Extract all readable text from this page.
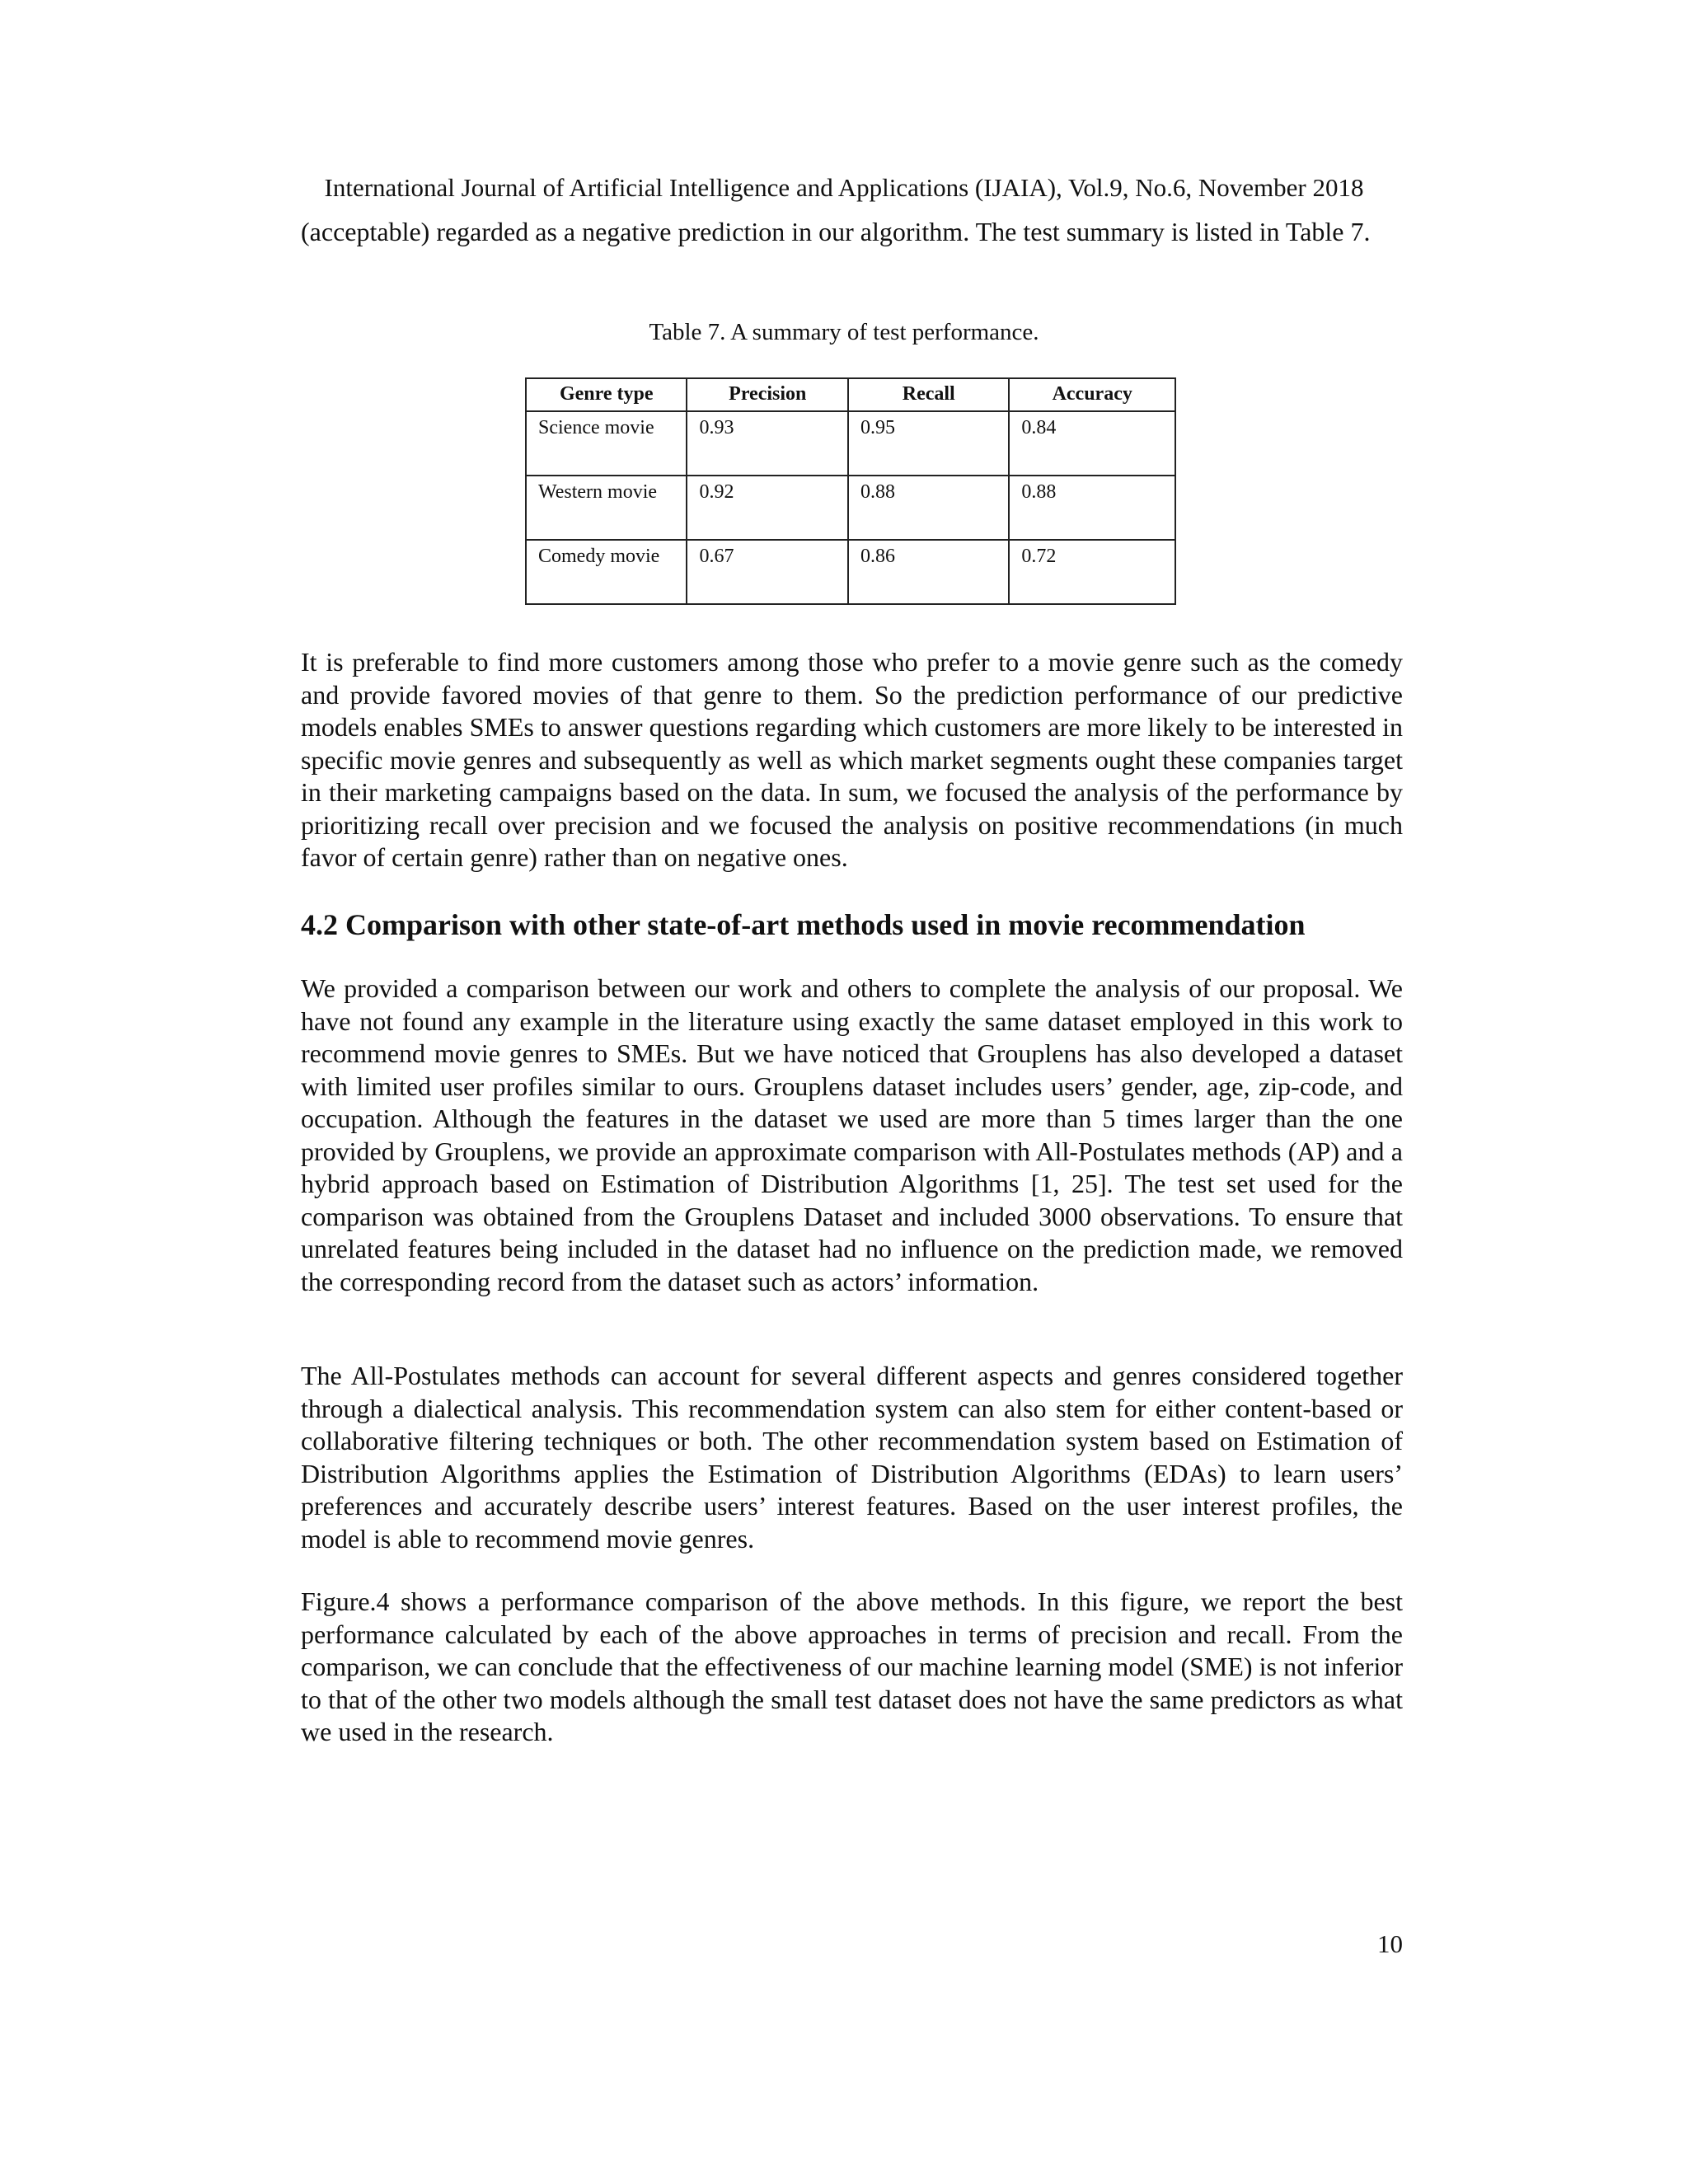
International Journal of Artificial Intelligence and Applications (IJAIA), Vol.9, No.6, November 2018

(acceptable) regarded as a negative prediction in our algorithm. The test summary is listed in Table 7.

Table 7. A summary of test performance.
Genre type	Precision	Recall	Accuracy
Science movie	0.93	0.95	0.84
Western movie	0.92	0.88	0.88
Comedy movie	0.67	0.86	0.72

It is preferable to find more customers among those who prefer to a movie genre such as the comedy and provide favored movies of that genre to them. So the prediction performance of our predictive models enables SMEs to answer questions regarding which customers are more likely to be interested in specific movie genres and subsequently as well as which market segments ought these companies target in their marketing campaigns based on the data. In sum, we focused the analysis of the performance by prioritizing recall over precision and we focused the analysis on positive recommendations (in much favor of certain genre) rather than on negative ones.

4.2 Comparison with other state-of-art methods used in movie recommendation

We provided a comparison between our work and others to complete the analysis of our proposal. We have not found any example in the literature using exactly the same dataset employed in this work to recommend movie genres to SMEs. But we have noticed that Grouplens has also developed a dataset with limited user profiles similar to ours. Grouplens dataset includes users’ gender, age, zip-code, and occupation. Although the features in the dataset we used are more than 5 times larger than the one provided by Grouplens, we provide an approximate comparison with All-Postulates methods (AP) and a hybrid approach based on Estimation of Distribution Algorithms [1, 25]. The test set used for the comparison was obtained from the Grouplens Dataset and included 3000 observations. To ensure that unrelated features being included in the dataset had no influence on the prediction made, we removed the corresponding record from the dataset such as actors’ information.

The All-Postulates methods can account for several different aspects and genres considered together through a dialectical analysis. This recommendation system can also stem for either content-based or collaborative filtering techniques or both. The other recommendation system based on Estimation of Distribution Algorithms applies the Estimation of Distribution Algorithms (EDAs) to learn users’ preferences and accurately describe users’ interest features. Based on the user interest profiles, the model is able to recommend movie genres.

Figure.4 shows a performance comparison of the above methods. In this figure, we report the best performance calculated by each of the above approaches in terms of precision and recall. From the comparison, we can conclude that the effectiveness of our machine learning model (SME) is not inferior to that of the other two models although the small test dataset does not have the same predictors as what we used in the research.

10
